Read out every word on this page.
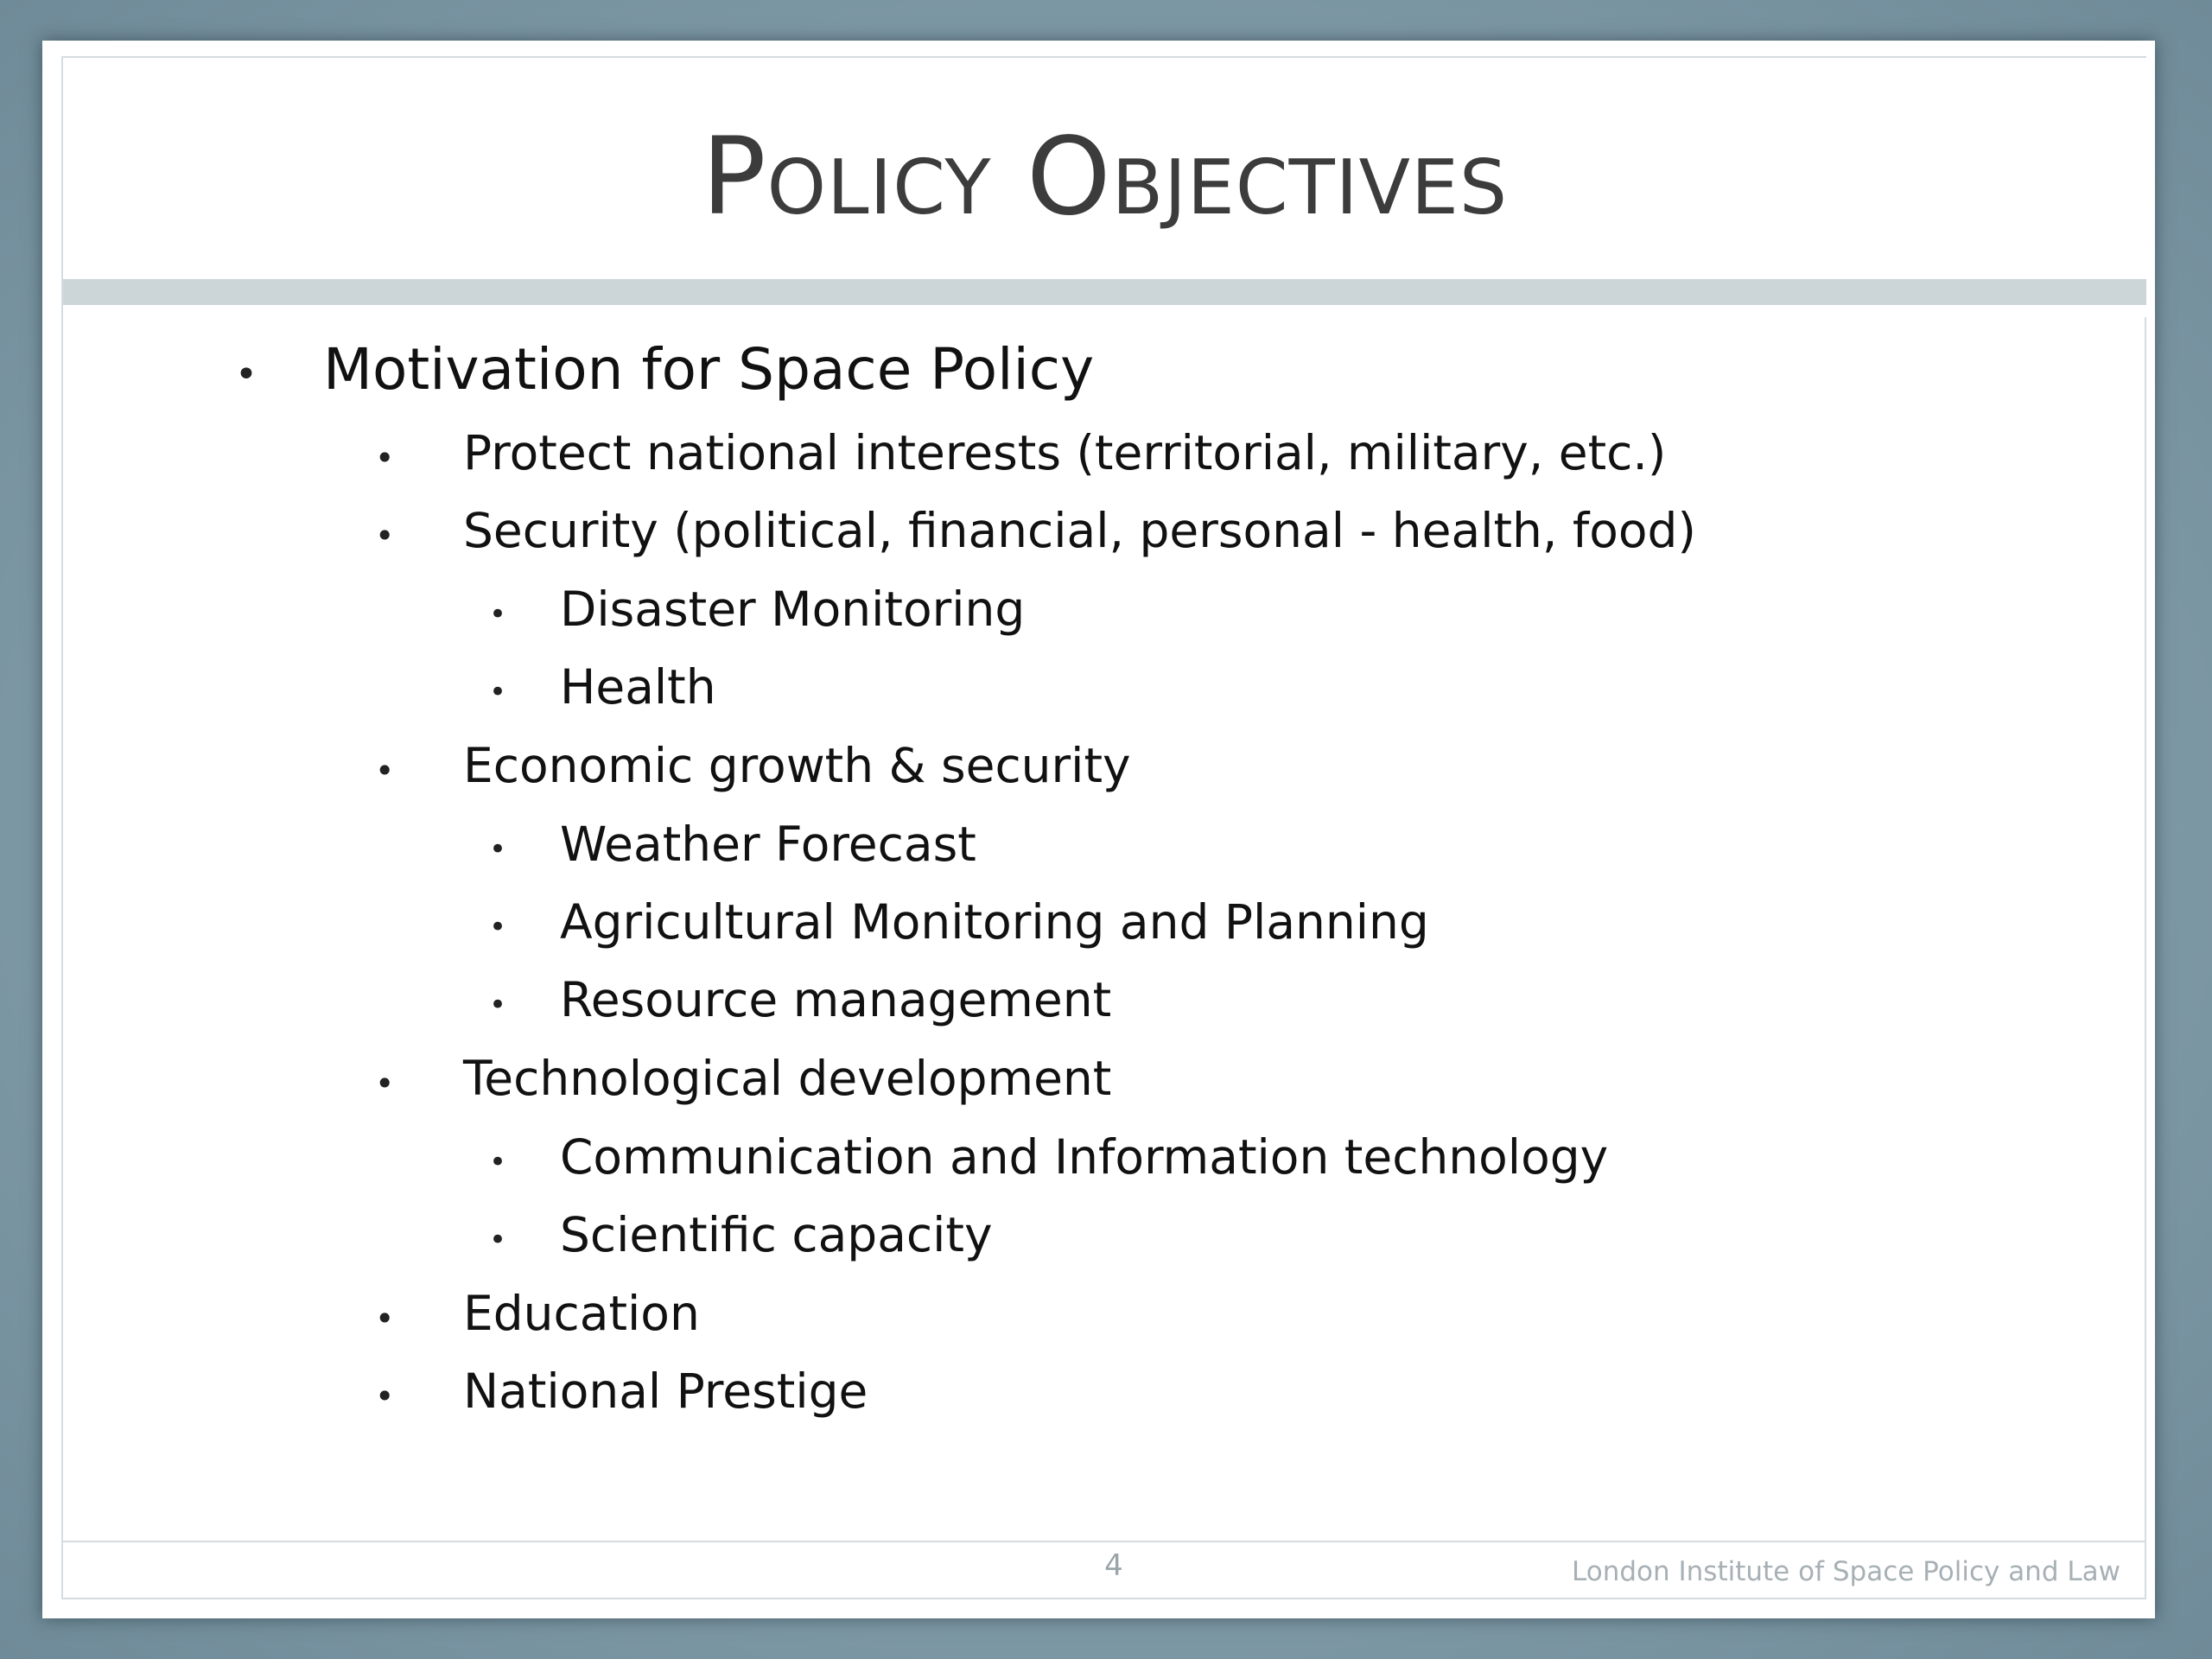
Policy Objectives
• Motivation for Space Policy
• Protect national interests (territorial, military, etc.)
• Security (political, financial, personal - health, food)
• Disaster Monitoring
• Health
• Economic growth & security
• Weather Forecast
• Agricultural Monitoring and Planning
• Resource management
• Technological development
• Communication and Information technology
• Scientific capacity
• Education
• National Prestige
4	London Institute of Space Policy and Law
